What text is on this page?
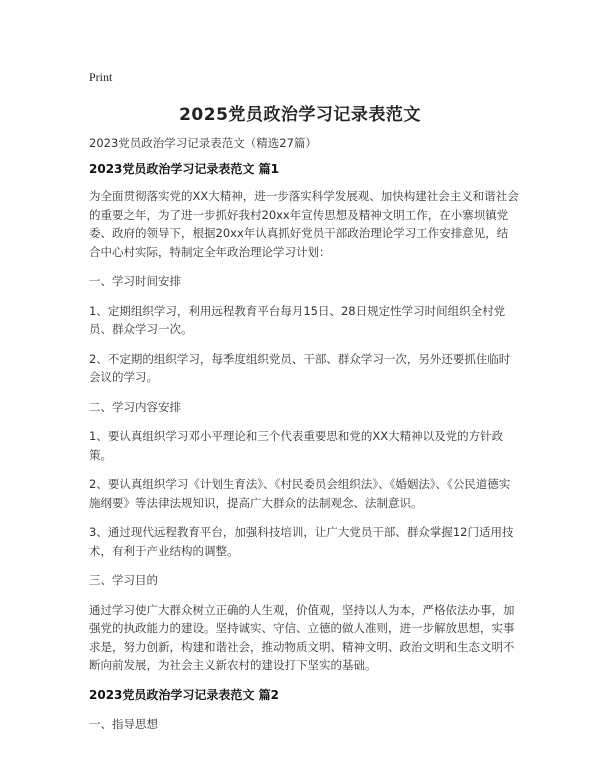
Print
2025党员政治学习记录表范文

2023党员政治学习记录表范文（精选27篇）

2023党员政治学习记录表范文 篇1

为全面贯彻落实党的XX大精神，进一步落实科学发展观、加快构建社会主义和谐社会的重要之年，为了进一步抓好我村20xx年宣传思想及精神文明工作，在小寨坝镇党委、政府的领导下，根据20xx年认真抓好党员干部政治理论学习工作安排意见，结合中心村实际，特制定全年政治理论学习计划：

一、学习时间安排

1、定期组织学习，利用远程教育平台每月15日、28日规定性学习时间组织全村党员、群众学习一次。

2、不定期的组织学习，每季度组织党员、干部、群众学习一次，另外还要抓住临时会议的学习。

二、学习内容安排

1、要认真组织学习邓小平理论和三个代表重要思和党的XX大精神以及党的方针政策。

2、要认真组织学习《计划生育法》、《村民委员会组织法》、《婚姻法》、《公民道德实施纲要》等法律法规知识，提高广大群众的法制观念、法制意识。

3、通过现代远程教育平台，加强科技培训，让广大党员干部、群众掌握12门适用技术，有利于产业结构的调整。

三、学习目的

通过学习使广大群众树立正确的人生观，价值观，坚持以人为本，严格依法办事，加强党的执政能力的建设。坚持诚实、守信、立德的做人准则，进一步解放思想，实事求是，努力创新，构建和谐社会，推动物质文明、精神文明、政治文明和生态文明不断向前发展，为社会主义新农村的建设打下坚实的基础。

2023党员政治学习记录表范文 篇2

一、指导思想
